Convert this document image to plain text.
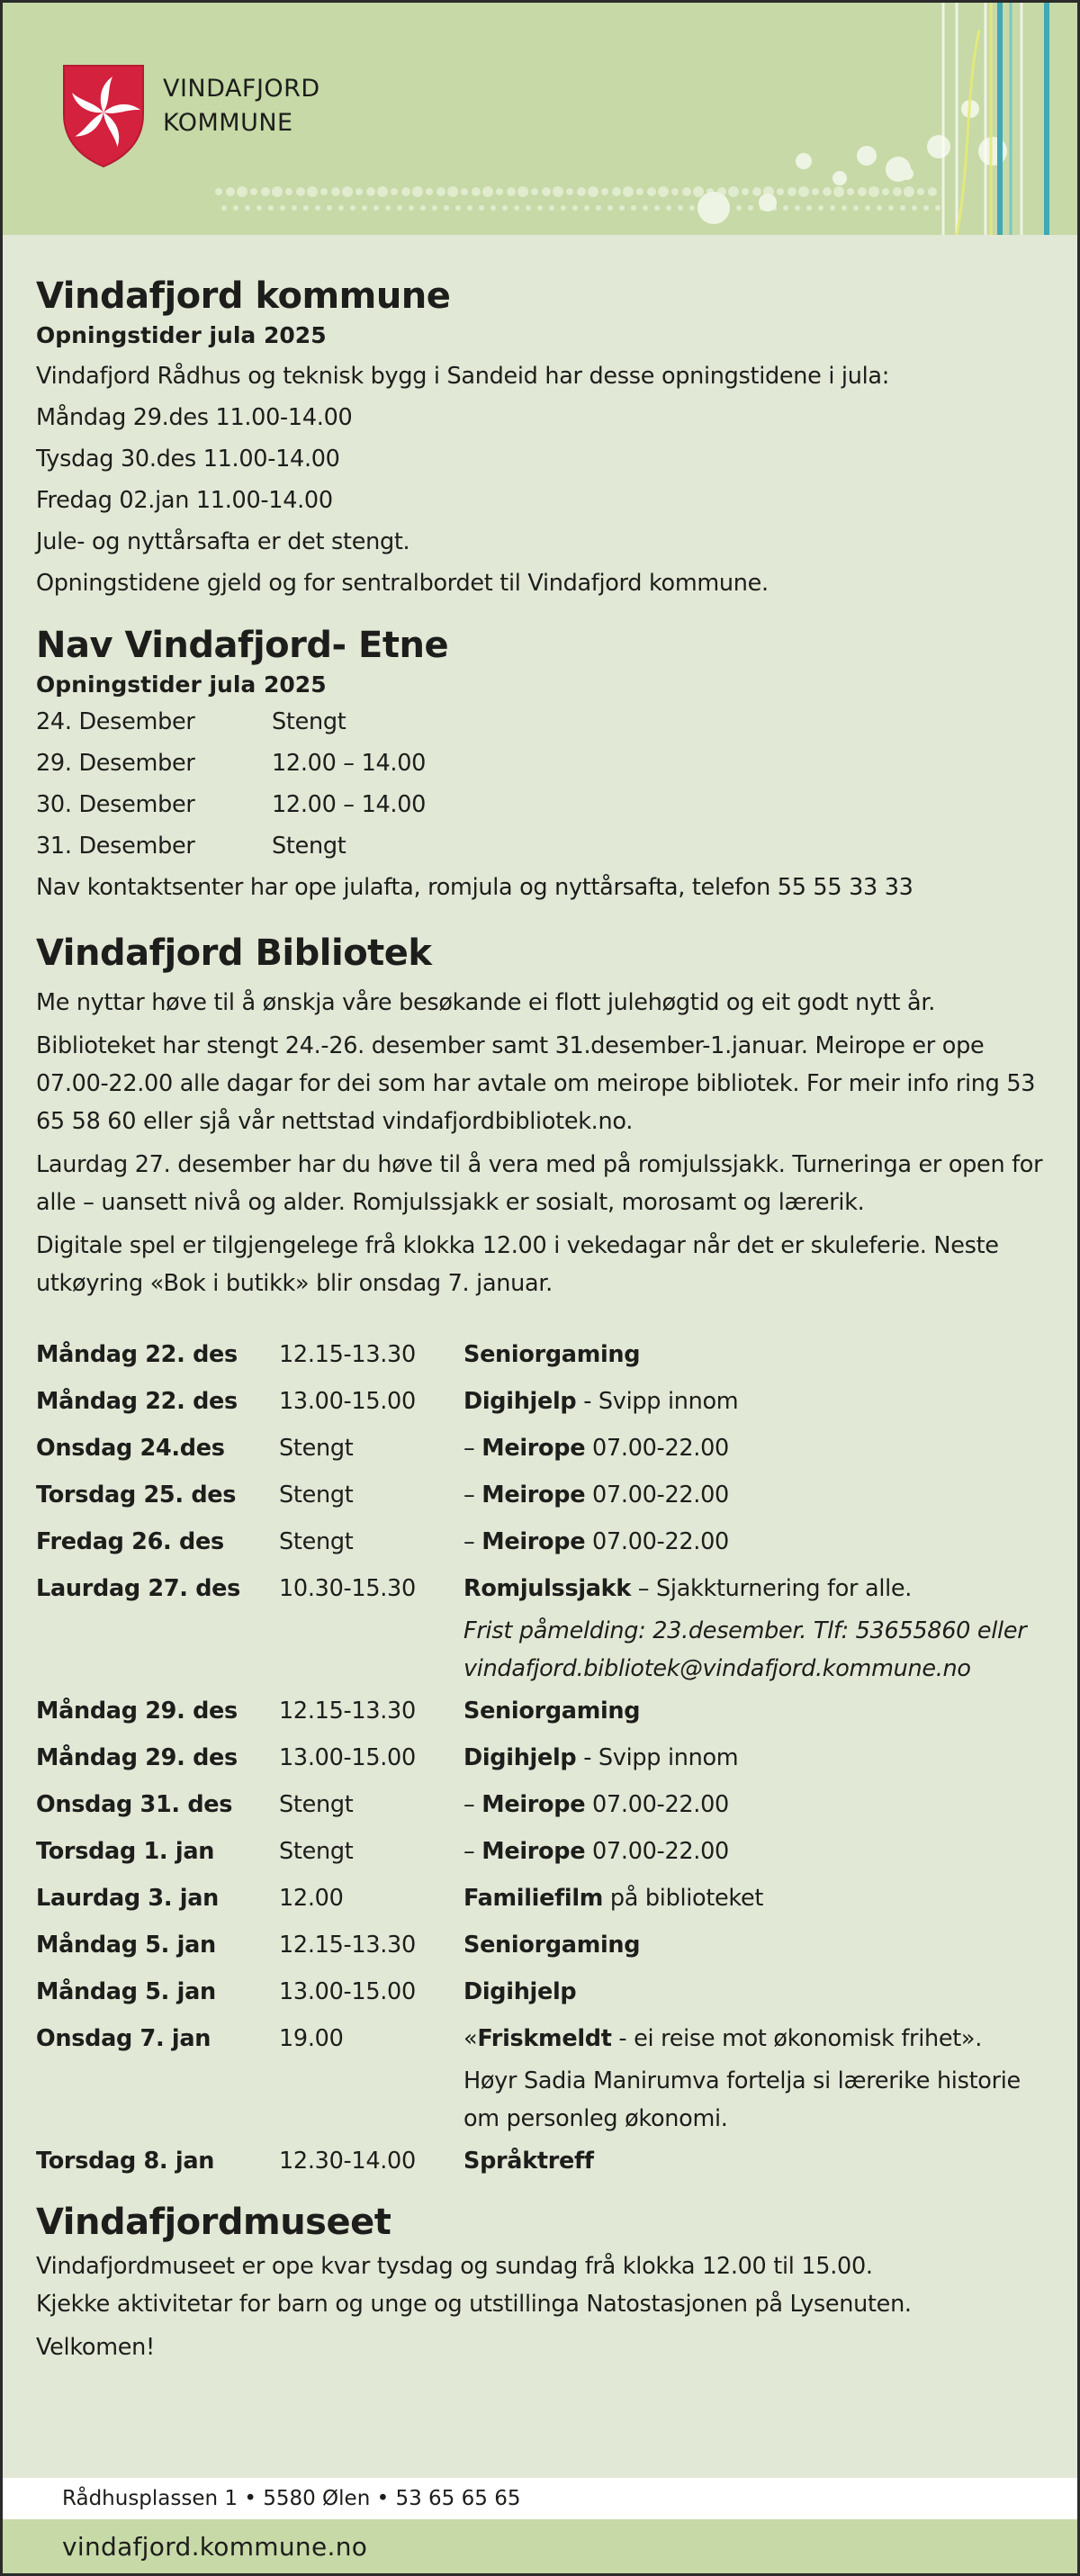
VINDAFJORD
KOMMUNE
Vindafjord kommune
Opningstider jula 2025

Vindafjord Rådhus og teknisk bygg i Sandeid har desse opningstidene i jula:

Måndag 29.des 11.00-14.00

Tysdag 30.des 11.00-14.00

Fredag 02.jan 11.00-14.00

Jule- og nyttårsafta er det stengt.

Opningstidene gjeld og for sentralbordet til Vindafjord kommune.

Nav Vindafjord- Etne
Opningstider jula 2025
24. Desember	Stengt
29. Desember	12.00 – 14.00
30. Desember	12.00 – 14.00
31. Desember	Stengt

Nav kontaktsenter har ope julafta, romjula og nyttårsafta, telefon 55 55 33 33

Vindafjord Bibliotek
Me nyttar høve til å ønskja våre besøkande ei flott julehøgtid og eit godt nytt år.
Biblioteket har stengt 24.-26. desember samt 31.desember-1.januar. Meirope er ope 07.00-22.00 alle dagar for dei som har avtale om meirope bibliotek. For meir info ring 53 65 58 60 eller sjå vår nettstad vindafjordbibliotek.no.
Laurdag 27. desember har du høve til å vera med på romjulssjakk. Turneringa er open for alle – uansett nivå og alder. Romjulssjakk er sosialt, morosamt og lærerik.
Digitale spel er tilgjengelege frå klokka 12.00 i vekedagar når det er skuleferie. Neste utkøyring «Bok i butikk» blir onsdag 7. januar.
Måndag 22. des	12.15-13.30	Seniorgaming
Måndag 22. des	13.00-15.00	Digihjelp - Svipp innom
Onsdag 24.des	Stengt	– Meirope 07.00-22.00
Torsdag 25. des	Stengt	– Meirope 07.00-22.00
Fredag 26. des	Stengt	– Meirope 07.00-22.00
Laurdag 27. des	10.30-15.30	Romjulssjakk – Sjakkturnering for alle.
Frist påmelding: 23.desember. Tlf: 53655860 eller
vindafjord.bibliotek@vindafjord.kommune.no
Måndag 29. des	12.15-13.30	Seniorgaming
Måndag 29. des	13.00-15.00	Digihjelp - Svipp innom
Onsdag 31. des	Stengt	– Meirope 07.00-22.00
Torsdag 1. jan	Stengt	– Meirope 07.00-22.00
Laurdag 3. jan	12.00	Familiefilm på biblioteket
Måndag 5. jan	12.15-13.30	Seniorgaming
Måndag 5. jan	13.00-15.00	Digihjelp
Onsdag 7. jan	19.00	«Friskmeldt - ei reise mot økonomisk frihet».
Høyr Sadia Manirumva fortelja si lærerike historie
om personleg økonomi.
Torsdag 8. jan	12.30-14.00	Språktreff
Vindafjordmuseet
Vindafjordmuseet er ope kvar tysdag og sundag frå klokka 12.00 til 15.00.
Kjekke aktivitetar for barn og unge og utstillinga Natostasjonen på Lysenuten.
Velkomen!
Rådhusplassen 1 • 5580 Ølen • 53 65 65 65
vindafjord.kommune.no
